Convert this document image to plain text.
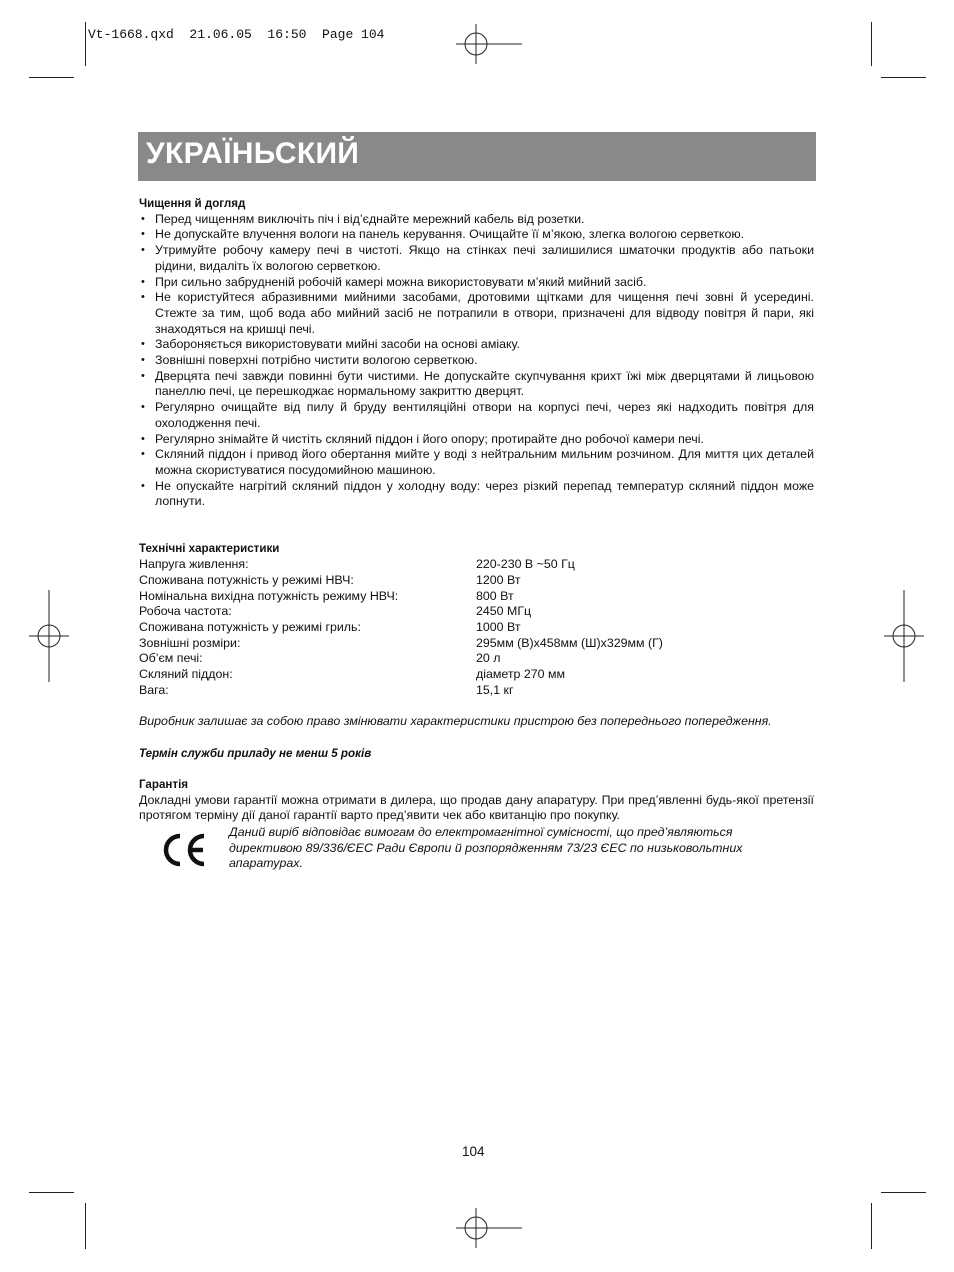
Vt-1668.qxd  21.06.05  16:50  Page 104
УКРАЇНЬСКИЙ

Чищення й догляд

• Перед чищенням виключіть піч і від’єднайте мережний кабель від розетки.
• Не допускайте влучення вологи на панель керування. Очищайте її м’якою, злегка вологою серветкою.
• Утримуйте робочу камеру печі в чистоті. Якщо на стінках печі залишилися шматочки продуктів або патьоки рідини, видаліть їх вологою серветкою.
• При сильно забрудненій робочій камері можна використовувати м’який мийний засіб.
• Не користуйтеся абразивними мийними засобами, дротовими щітками для чищення печі зовні й усередині. Стежте за тим, щоб вода або мийний засіб не потрапили в отвори, призначені для відводу повітря й пари, які знаходяться на кришці печі.
• Забороняється використовувати мийні засоби на основі аміаку.
• Зовнішні поверхні потрібно чистити вологою серветкою.
• Дверцята печі завжди повинні бути чистими. Не допускайте скупчування крихт їжі між дверцятами й лицьовою панеллю печі, це перешкоджає нормальному закриттю дверцят.
• Регулярно очищайте від пилу й бруду вентиляційні отвори на корпусі печі, через які надходить повітря для охолодження печі.
• Регулярно знімайте й чистіть скляний піддон і його опору; протирайте дно робочої камери печі.
• Скляний піддон і привод його обертання мийте у воді з нейтральним мильним розчином. Для миття цих деталей можна скористуватися посудомийною машиною.
• Не опускайте нагрітий скляний піддон у холодну воду: через різкий перепад температур скляний піддон може лопнути.

Технічні характеристики

Напруга живлення:	220-230 В ~50 Гц
Споживана потужність у режимі НВЧ:	1200 Вт
Номінальна вихідна потужність режиму НВЧ:	800 Вт
Робоча частота:	2450 МГц
Споживана потужність у режимі гриль:	1000 Вт
Зовнішні розміри:	295мм (В)х458мм (Ш)х329мм (Г)
Об’єм печі:	20 л
Скляний піддон:	діаметр 270 мм
Вага:	15,1 кг
Виробник залишає за собою право змінювати характеристики пристрою без попереднього попередження.
Термін служби приладу не менш 5 років

Гарантія

Докладні умови гарантії можна отримати в дилера, що продав дану апаратуру. При пред’явленні будь-якої претензії протягом терміну дії даної гарантії варто пред’явити чек або квитанцію про покупку.
Даний виріб відповідає вимогам до електромагнітної сумісності, що пред’являються директивою 89/336/ЄЕС Ради Європи й розпорядженням 73/23 ЄЕС по низьковольтних апаратурах.
104
